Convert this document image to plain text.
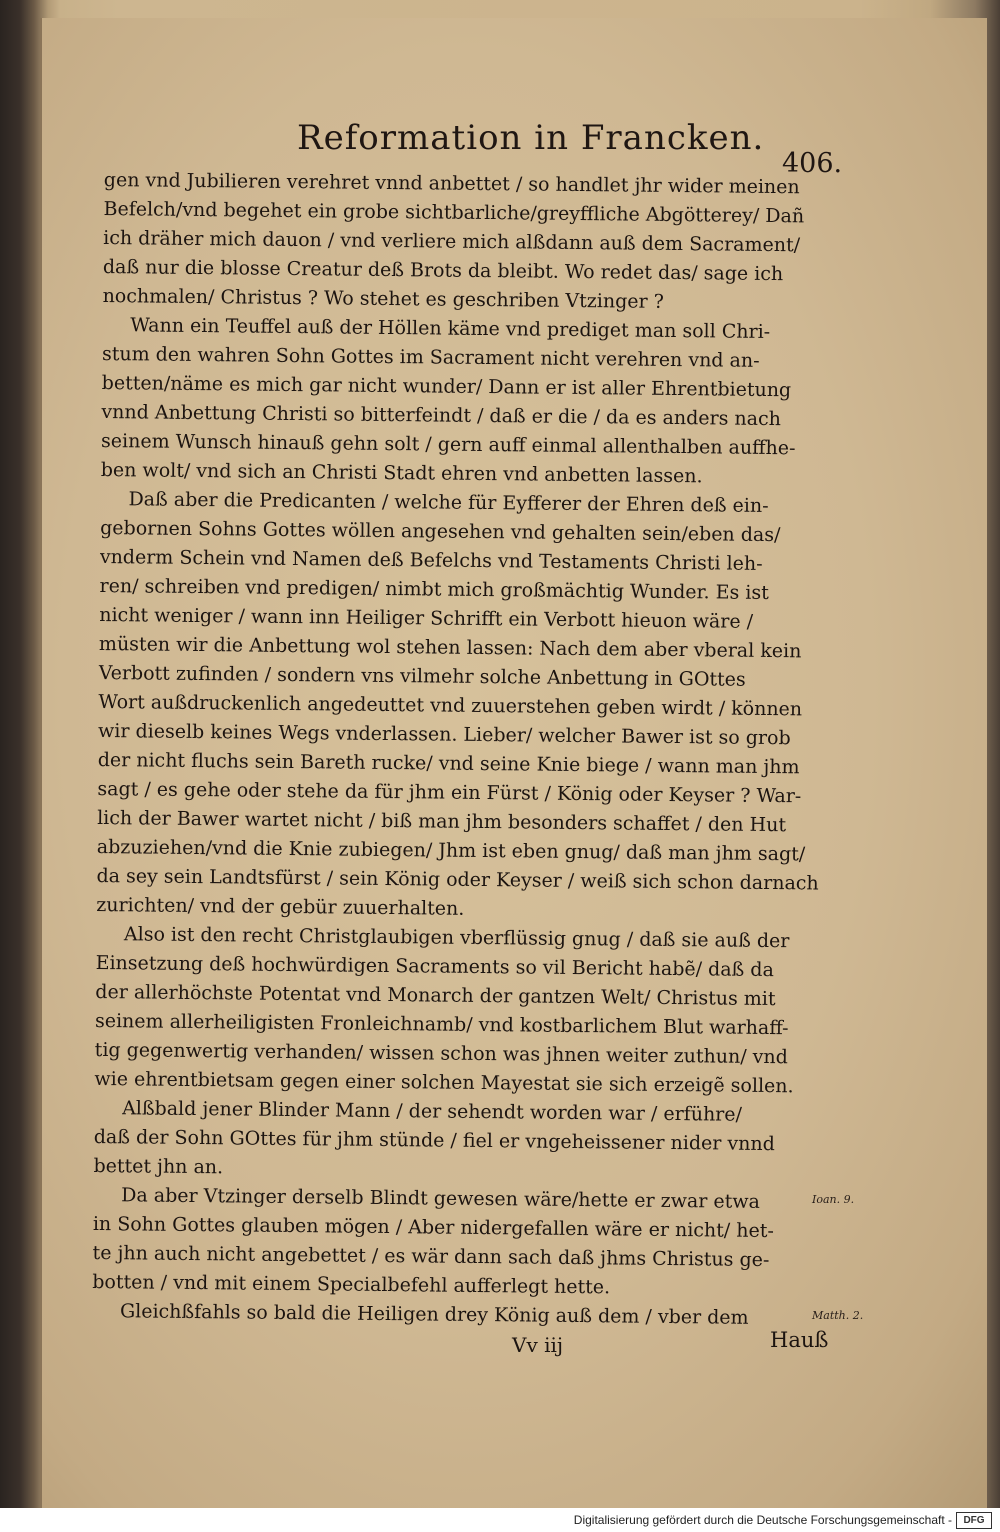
Reformation in Francken.
406.
gen vnd Jubilieren verehret vnnd anbettet / so handlet jhr wider meinen
Befelch/vnd begehet ein grobe sichtbarliche/greyffliche Abgötterey/ Dañ
ich dräher mich dauon / vnd verliere mich alßdann auß dem Sacrament/
daß nur die blosse Creatur deß Brots da bleibt. Wo redet das/ sage ich
nochmalen/ Christus ? Wo stehet es geschriben Vtzinger ?
Wann ein Teuffel auß der Höllen käme vnd prediget man soll Chri-
stum den wahren Sohn Gottes im Sacrament nicht verehren vnd an-
betten/näme es mich gar nicht wunder/ Dann er ist aller Ehrentbietung
vnnd Anbettung Christi so bitterfeindt / daß er die / da es anders nach
seinem Wunsch hinauß gehn solt / gern auff einmal allenthalben auffhe-
ben wolt/ vnd sich an Christi Stadt ehren vnd anbetten lassen.
Daß aber die Predicanten / welche für Eyfferer der Ehren deß ein-
gebornen Sohns Gottes wöllen angesehen vnd gehalten sein/eben das/
vnderm Schein vnd Namen deß Befelchs vnd Testaments Christi leh-
ren/ schreiben vnd predigen/ nimbt mich großmächtig Wunder. Es ist
nicht weniger / wann inn Heiliger Schrifft ein Verbott hieuon wäre /
müsten wir die Anbettung wol stehen lassen: Nach dem aber vberal kein
Verbott zufinden / sondern vns vilmehr solche Anbettung in GOttes
Wort außdruckenlich angedeuttet vnd zuuerstehen geben wirdt / können
wir dieselb keines Wegs vnderlassen. Lieber/ welcher Bawer ist so grob
der nicht fluchs sein Bareth rucke/ vnd seine Knie biege / wann man jhm
sagt / es gehe oder stehe da für jhm ein Fürst / König oder Keyser ? War-
lich der Bawer wartet nicht / biß man jhm besonders schaffet / den Hut
abzuziehen/vnd die Knie zubiegen/ Jhm ist eben gnug/ daß man jhm sagt/
da sey sein Landtsfürst / sein König oder Keyser / weiß sich schon darnach
zurichten/ vnd der gebür zuuerhalten.
Also ist den recht Christglaubigen vberflüssig gnug / daß sie auß der
Einsetzung deß hochwürdigen Sacraments so vil Bericht habẽ/ daß da
der allerhöchste Potentat vnd Monarch der gantzen Welt/ Christus mit
seinem allerheiligisten Fronleichnamb/ vnd kostbarlichem Blut warhaff-
tig gegenwertig verhanden/ wissen schon was jhnen weiter zuthun/ vnd
wie ehrentbietsam gegen einer solchen Mayestat sie sich erzeigẽ sollen.
Alßbald jener Blinder Mann / der sehendt worden war / erführe/
daß der Sohn GOttes für jhm stünde / fiel er vngeheissener nider vnnd
bettet jhn an.
Da aber Vtzinger derselb Blindt gewesen wäre/hette er zwar etwa
in Sohn Gottes glauben mögen / Aber nidergefallen wäre er nicht/ het-
te jhn auch nicht angebettet / es wär dann sach daß jhms Christus ge-
botten / vnd mit einem Specialbefehl aufferlegt hette.
Gleichßfahls so bald die Heiligen drey König auß dem / vber dem
Vv iij	Hauß
Ioan. 9.
Matth. 2.
Digitalisierung gefördert durch die Deutsche Forschungsgemeinschaft -	DFG
